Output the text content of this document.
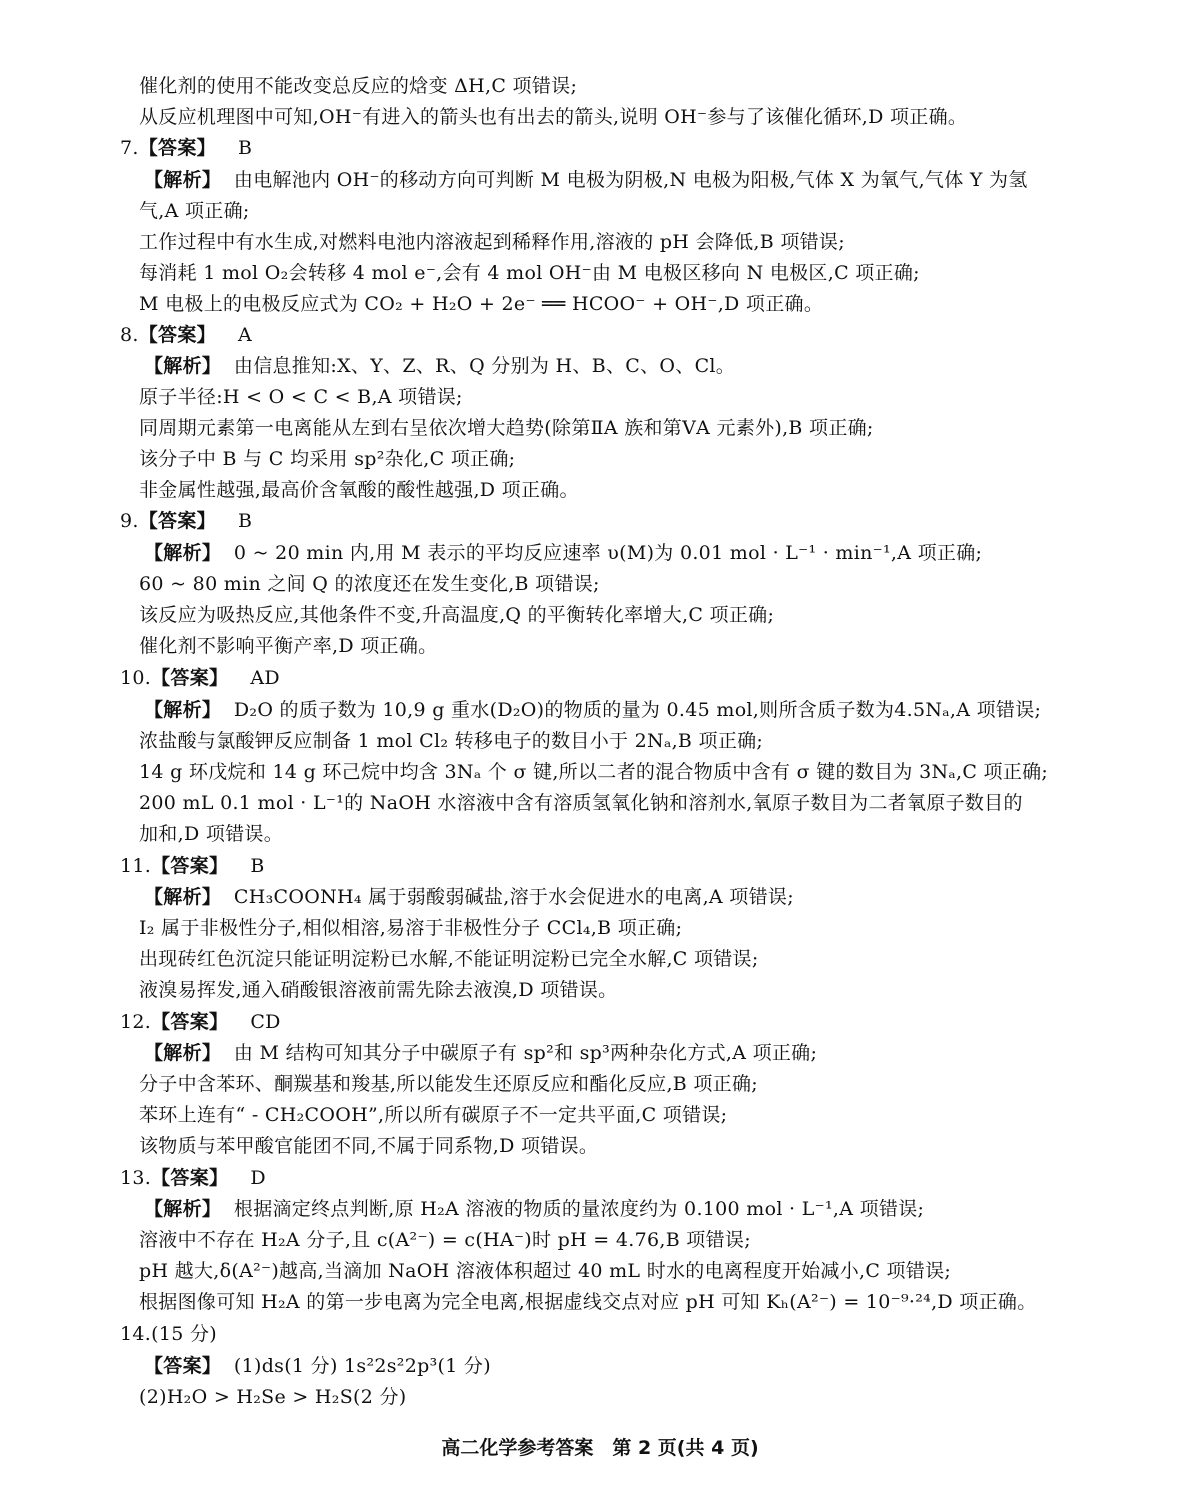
催化剂的使用不能改变总反应的焓变 ΔH,C 项错误;
从反应机理图中可知,OH⁻有进入的箭头也有出去的箭头,说明 OH⁻参与了该催化循环,D 项正确。
7.【答案】 B
【解析】 由电解池内 OH⁻的移动方向可判断 M 电极为阴极,N 电极为阳极,气体 X 为氧气,气体 Y 为氢
气,A 项正确;
工作过程中有水生成,对燃料电池内溶液起到稀释作用,溶液的 pH 会降低,B 项错误;
每消耗 1 mol O₂会转移 4 mol e⁻,会有 4 mol OH⁻由 M 电极区移向 N 电极区,C 项正确;
M 电极上的电极反应式为 CO₂ + H₂O + 2e⁻ ══ HCOO⁻ + OH⁻,D 项正确。
8.【答案】 A
【解析】 由信息推知:X、Y、Z、R、Q 分别为 H、B、C、O、Cl。
原子半径:H < O < C < B,A 项错误;
同周期元素第一电离能从左到右呈依次增大趋势(除第ⅡA 族和第ⅤA 元素外),B 项正确;
该分子中 B 与 C 均采用 sp²杂化,C 项正确;
非金属性越强,最高价含氧酸的酸性越强,D 项正确。
9.【答案】 B
【解析】 0 ~ 20 min 内,用 M 表示的平均反应速率 υ(M)为 0.01 mol · L⁻¹ · min⁻¹,A 项正确;
60 ~ 80 min 之间 Q 的浓度还在发生变化,B 项错误;
该反应为吸热反应,其他条件不变,升高温度,Q 的平衡转化率增大,C 项正确;
催化剂不影响平衡产率,D 项正确。
10.【答案】 AD
【解析】 D₂O 的质子数为 10,9 g 重水(D₂O)的物质的量为 0.45 mol,则所含质子数为4.5Nₐ,A 项错误;
浓盐酸与氯酸钾反应制备 1 mol Cl₂ 转移电子的数目小于 2Nₐ,B 项正确;
14 g 环戊烷和 14 g 环己烷中均含 3Nₐ 个 σ 键,所以二者的混合物质中含有 σ 键的数目为 3Nₐ,C 项正确;
200 mL 0.1 mol · L⁻¹的 NaOH 水溶液中含有溶质氢氧化钠和溶剂水,氧原子数目为二者氧原子数目的
加和,D 项错误。
11.【答案】 B
【解析】 CH₃COONH₄ 属于弱酸弱碱盐,溶于水会促进水的电离,A 项错误;
I₂ 属于非极性分子,相似相溶,易溶于非极性分子 CCl₄,B 项正确;
出现砖红色沉淀只能证明淀粉已水解,不能证明淀粉已完全水解,C 项错误;
液溴易挥发,通入硝酸银溶液前需先除去液溴,D 项错误。
12.【答案】 CD
【解析】 由 M 结构可知其分子中碳原子有 sp²和 sp³两种杂化方式,A 项正确;
分子中含苯环、酮羰基和羧基,所以能发生还原反应和酯化反应,B 项正确;
苯环上连有“ - CH₂COOH”,所以所有碳原子不一定共平面,C 项错误;
该物质与苯甲酸官能团不同,不属于同系物,D 项错误。
13.【答案】 D
【解析】 根据滴定终点判断,原 H₂A 溶液的物质的量浓度约为 0.100 mol · L⁻¹,A 项错误;
溶液中不存在 H₂A 分子,且 c(A²⁻) = c(HA⁻)时 pH = 4.76,B 项错误;
pH 越大,δ(A²⁻)越高,当滴加 NaOH 溶液体积超过 40 mL 时水的电离程度开始减小,C 项错误;
根据图像可知 H₂A 的第一步电离为完全电离,根据虚线交点对应 pH 可知 Kₕ(A²⁻) = 10⁻⁹·²⁴,D 项正确。
14.(15 分)
【答案】 (1)ds(1 分) 1s²2s²2p³(1 分)
(2)H₂O > H₂Se > H₂S(2 分)
高二化学参考答案　第 2 页(共 4 页)
